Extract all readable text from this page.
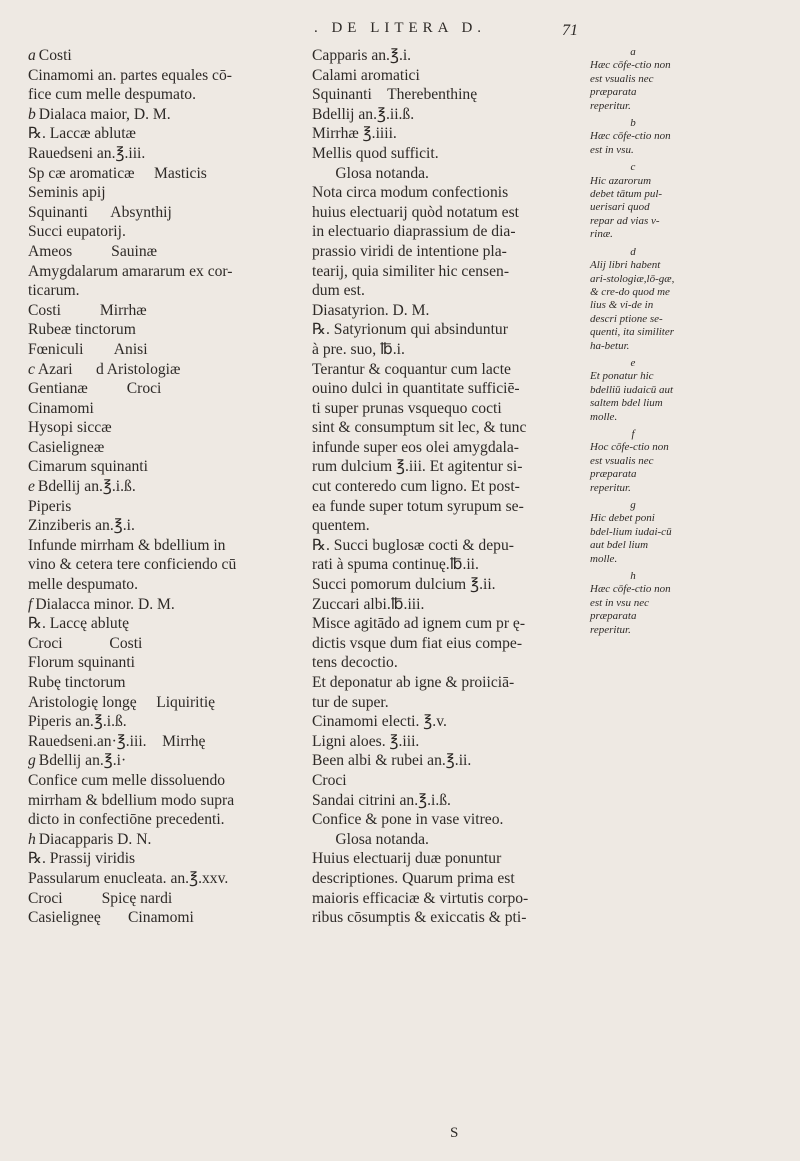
. DE LITERA D.	71
a Costi
Cinamomi an. partes equales cō-
fice cum melle despumato.
b Dialaca maior, D. M.
℞. Laccæ ablutæ
Rauedseni an.℥.iii.
Sp cæ aromaticæ     Masticis
Seminis apij
Squinanti      Absynthij
Succi eupatorij.
Ameos          Sauinæ
Amygdalarum amararum ex cor-
ticarum.
Costi          Mirrhæ
Rubeæ tinctorum
Fœniculi        Anisi
c Azari      d Aristologiæ
Gentianæ          Croci
Cinamomi
Hysopi siccæ
Casieligneæ
Cimarum squinanti
e Bdellij an.℥.i.ß.
Piperis
Zinziberis an.℥.i.
Infunde mirrham & bdellium in
vino & cetera tere conficiendo cū
melle despumato.
f Dialacca minor. D. M.
℞. Laccę ablutę
Croci            Costi
Florum squinanti
Rubę tinctorum
Aristologię longę     Liquiritię
Piperis an.℥.i.ß.
Rauedseni.an·℥.iii.    Mirrhę
g Bdellij an.℥.i·
Confice cum melle dissoluendo
mirrham & bdellium modo supra
dicto in confectiōne precedenti.
h Diacapparis D. N.
℞. Prassij viridis
Passularum enucleata. an.℥.xxv.
Croci          Spicę nardi
Casieligneę       Cinamomi
Capparis an.℥.i.
Calami aromatici
Squinanti    Therebenthinę
Bdellij an.℥.ii.ß.
Mirrhæ ℥.iiii.
Mellis quod sufficit.
Glosa notanda.
Nota circa modum confectionis
huius electuarij quòd notatum est
in electuario diaprassium de dia-
prassio viridi de intentione pla-
tearij, quia similiter hic censen-
dum est.
Diasatyrion. D. M.
℞. Satyrionum qui absinduntur
à pre. suo, ℔.i.
Terantur & coquantur cum lacte
ouino dulci in quantitate sufficiē-
ti super prunas vsquequo cocti
sint & consumptum sit lec, & tunc
infunde super eos olei amygdala-
rum dulcium ℥.iii. Et agitentur si-
cut conteredo cum ligno. Et post-
ea funde super totum syrupum se-
quentem.
℞. Succi buglosæ cocti & depu-
rati à spuma continuę.℔.ii.
Succi pomorum dulcium ℥.ii.
Zuccari albi.℔.iii.
Misce agitādo ad ignem cum pr ę-
dictis vsque dum fiat eius compe-
tens decoctio.
Et deponatur ab igne & proiiciā-
tur de super.
Cinamomi electi. ℥.v.
Ligni aloes. ℥.iii.
Been albi & rubei an.℥.ii.
Croci
Sandai citrini an.℥.i.ß.
Confice & pone in vase vitreo.
Glosa notanda.
Huius electuarij duæ ponuntur
descriptiones. Quarum prima est
maioris efficaciæ & virtutis corpo-
ribus cōsumptis & exiccatis & pti-
a
Hæc cōfe-ctio non est vsualis nec præparata reperitur.
b
Hæc cōfe-ctio non est in vsu.
c
Hic azarorum debet tātum pul-uerisari quod repar ad vias v-rinæ.
d
Alij libri habent ari-stologiæ,lō-gæ, & cre-do quod me lius & vi-de in descri ptione se-quenti, ita similiter ha-betur.
e
Et ponatur hic bdelliū iudaicū aut saltem bdel lium molle.
f
Hoc cōfe-ctio non est vsualis nec præparata reperitur.
g
Hic debet poni bdel-lium iudai-cū aut bdel lium molle.
h
Hæc cōfe-ctio non est in vsu nec præparata reperitur.
S
